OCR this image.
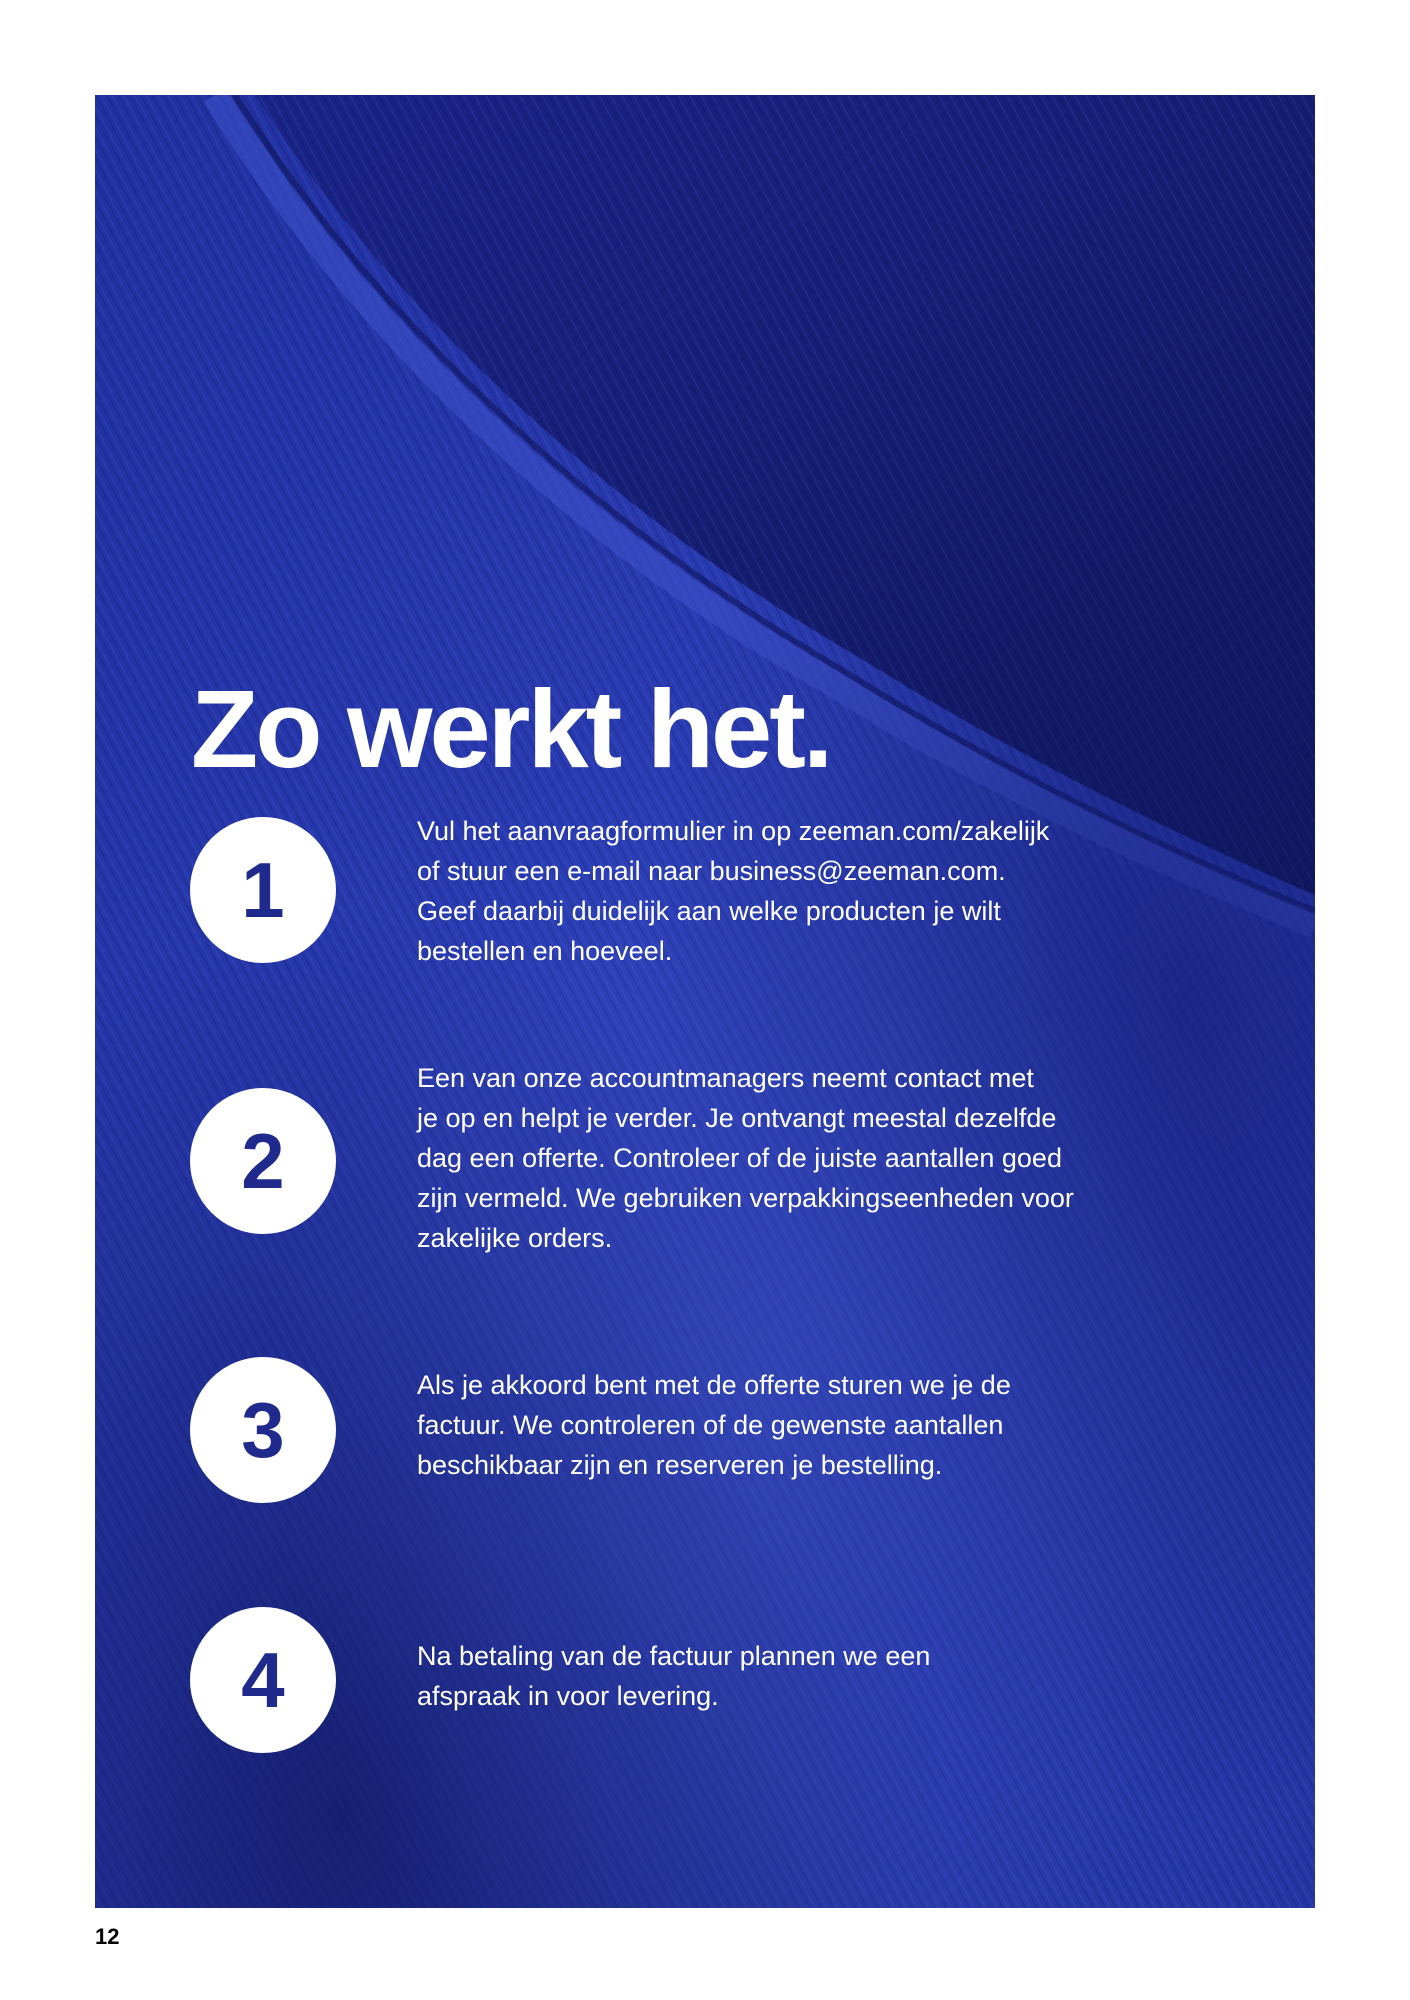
Zo werkt het.
1

Vul het aanvraagformulier in op zeeman.com/zakelijk
of stuur een e-mail naar business@zeeman.com.
Geef daarbij duidelijk aan welke producten je wilt
bestellen en hoeveel.

2

Een van onze accountmanagers neemt contact met
je op en helpt je verder. Je ontvangt meestal dezelfde
dag een offerte. Controleer of de juiste aantallen goed
zijn vermeld. We gebruiken verpakkingseenheden voor
zakelijke orders.

3

Als je akkoord bent met de offerte sturen we je de
factuur. We controleren of de gewenste aantallen
beschikbaar zijn en reserveren je bestelling.

4	Na betaling van de factuur plannen we een
afspraak in voor levering.

12
